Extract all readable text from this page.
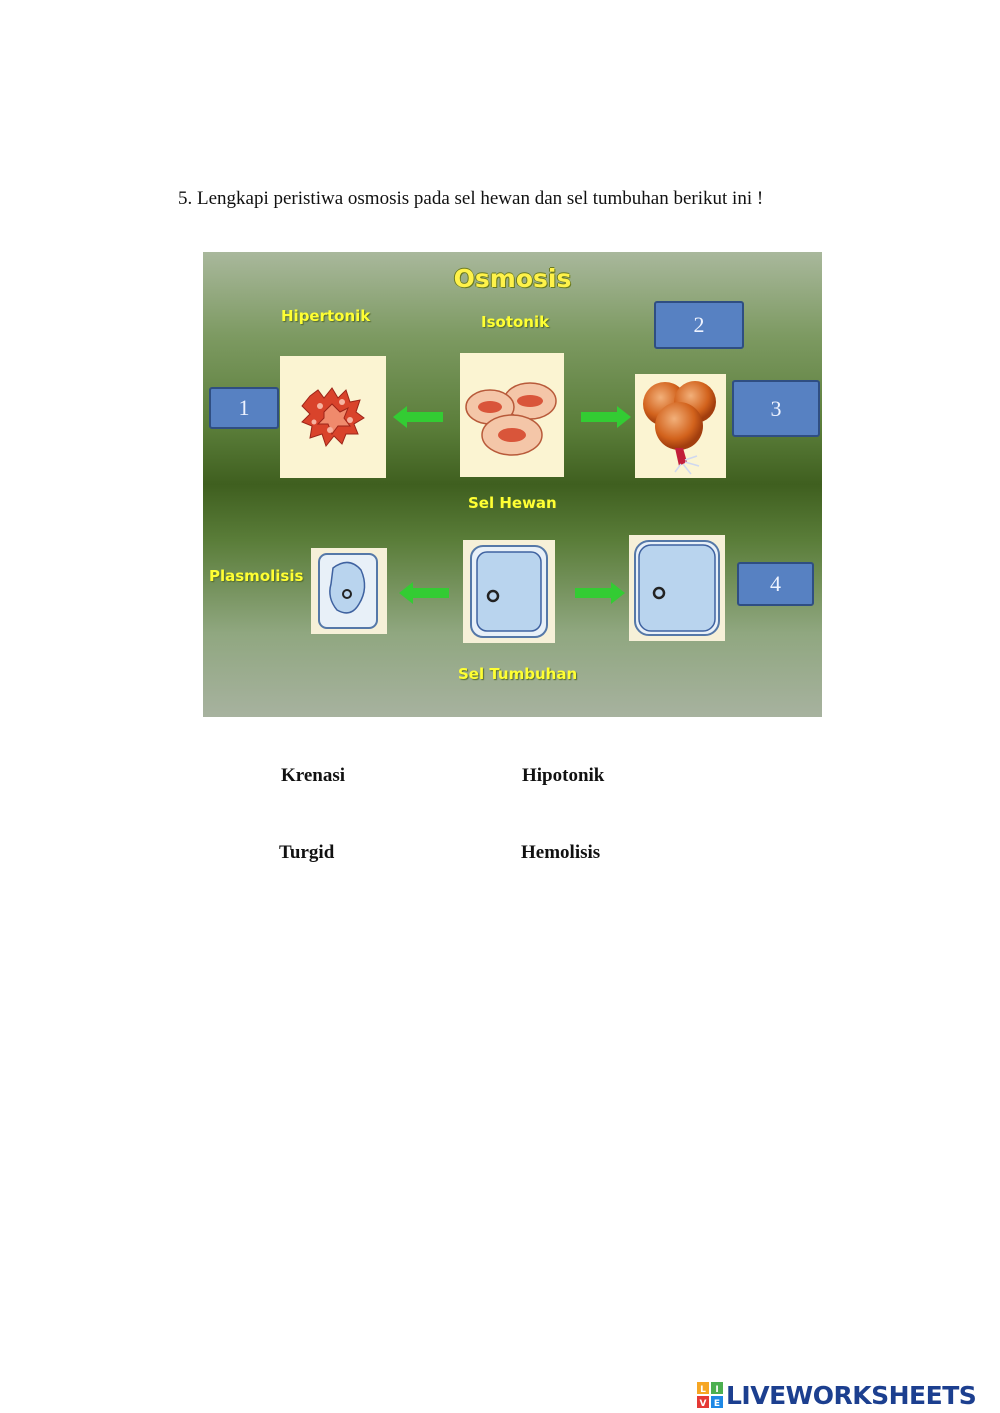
5. Lengkapi peristiwa osmosis pada sel hewan dan sel tumbuhan berikut ini !
Osmosis
Hipertonik	Isotonik
Sel Hewan
Plasmolisis
Sel Tumbuhan
1
2
3
4
Krenasi	Hipotonik
Turgid	Hemolisis
L I
V E LIVEWORKSHEETS
